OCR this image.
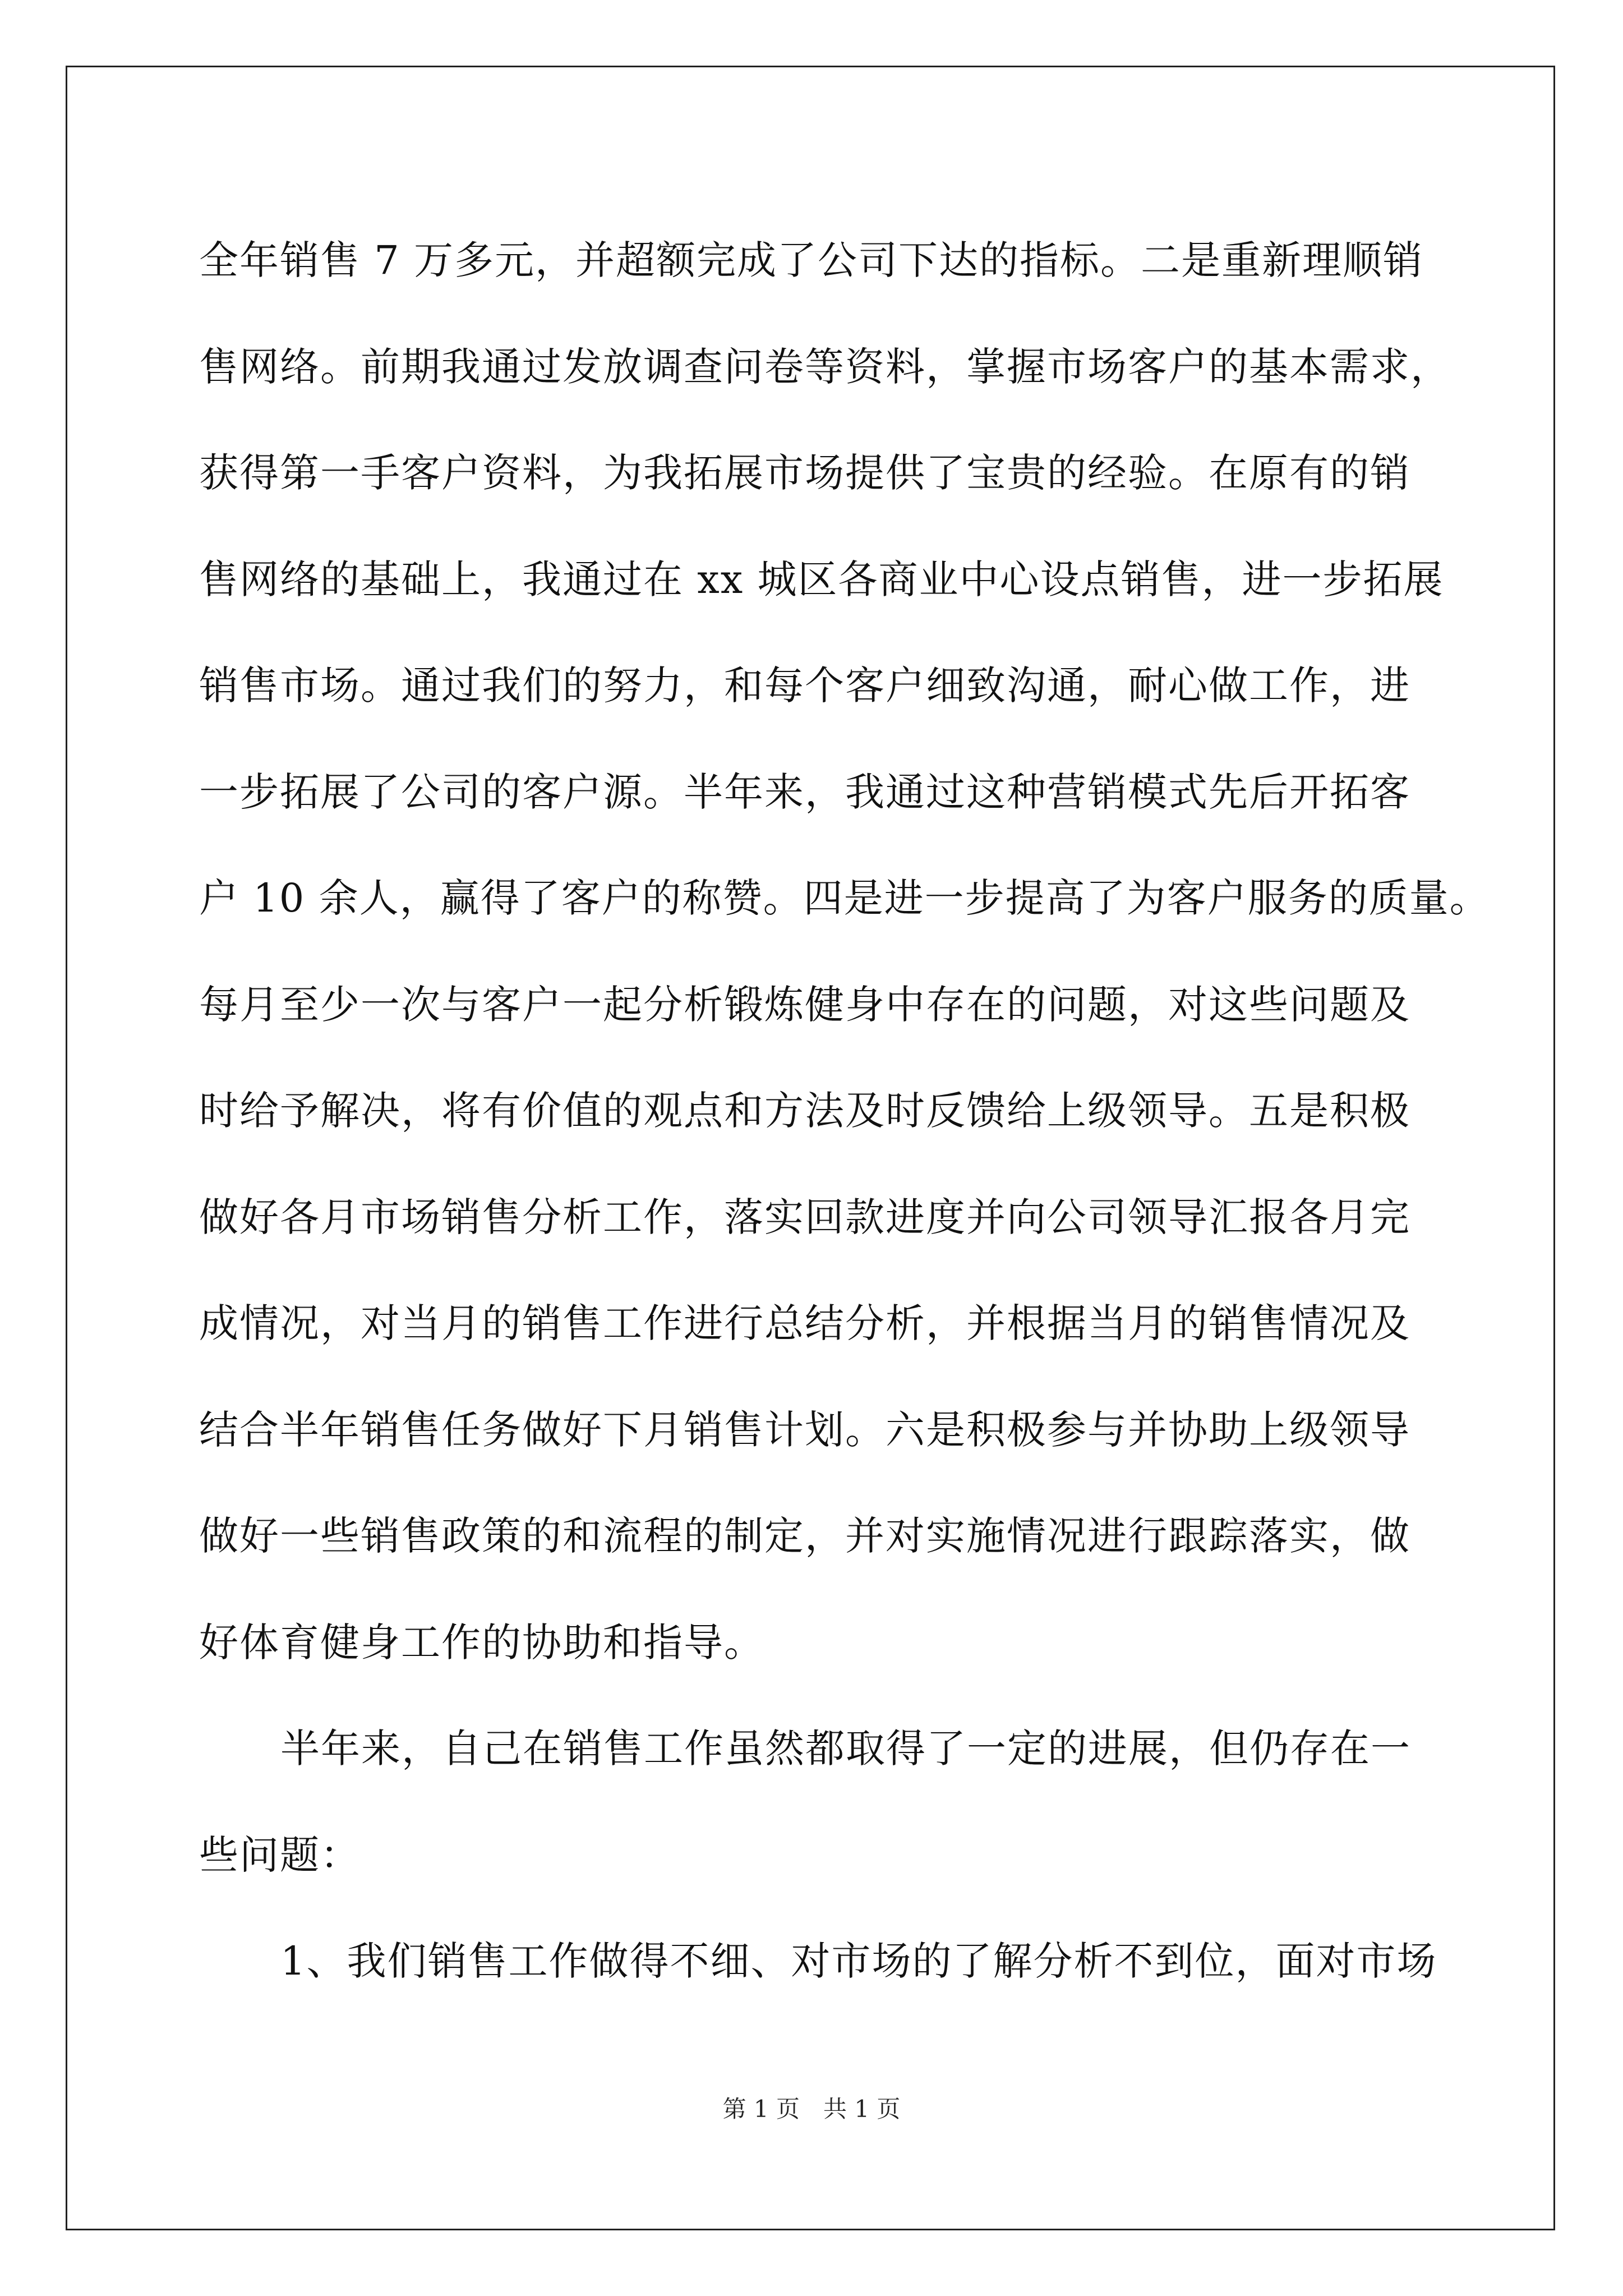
全年销售 7 万多元，并超额完成了公司下达的指标。二是重新理顺销
售网络。前期我通过发放调查问卷等资料，掌握市场客户的基本需求，
获得第一手客户资料，为我拓展市场提供了宝贵的经验。在原有的销
售网络的基础上，我通过在 xx 城区各商业中心设点销售，进一步拓展
销售市场。通过我们的努力，和每个客户细致沟通，耐心做工作，进
一步拓展了公司的客户源。半年来，我通过这种营销模式先后开拓客
户 10 余人，赢得了客户的称赞。四是进一步提高了为客户服务的质量。
每月至少一次与客户一起分析锻炼健身中存在的问题，对这些问题及
时给予解决，将有价值的观点和方法及时反馈给上级领导。五是积极
做好各月市场销售分析工作，落实回款进度并向公司领导汇报各月完
成情况，对当月的销售工作进行总结分析，并根据当月的销售情况及
结合半年销售任务做好下月销售计划。六是积极参与并协助上级领导
做好一些销售政策的和流程的制定，并对实施情况进行跟踪落实，做
好体育健身工作的协助和指导。
半年来，自己在销售工作虽然都取得了一定的进展，但仍存在一
些问题：
1、我们销售工作做得不细、对市场的了解分析不到位，面对市场
第 1 页　共 1 页
